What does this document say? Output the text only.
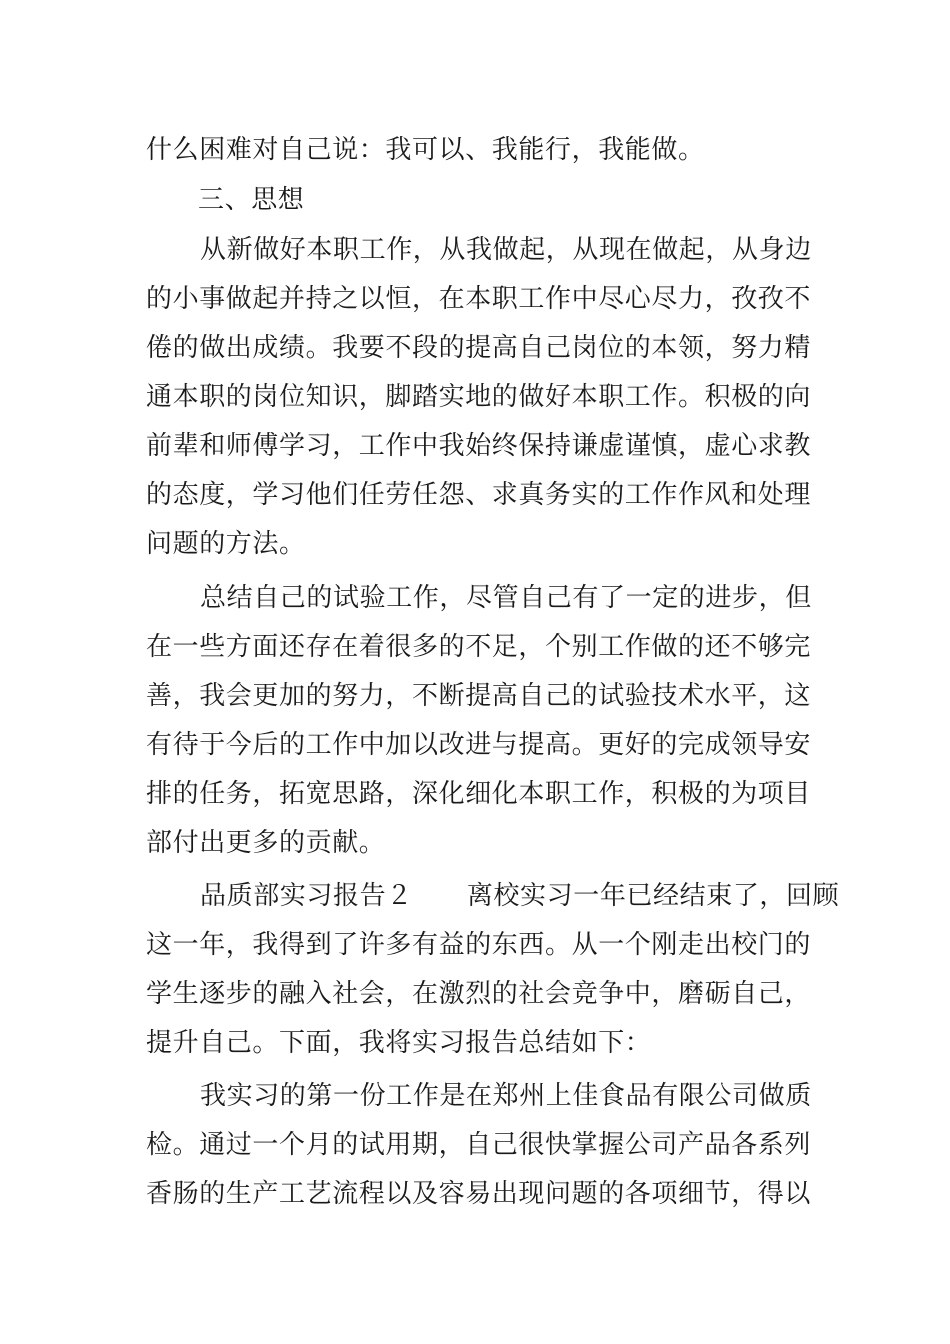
什么困难对自己说：我可以、我能行，我能做。
三、思想
从新做好本职工作，从我做起，从现在做起，从身边
的小事做起并持之以恒，在本职工作中尽心尽力，孜孜不
倦的做出成绩。我要不段的提高自己岗位的本领，努力精
通本职的岗位知识，脚踏实地的做好本职工作。积极的向
前辈和师傅学习，工作中我始终保持谦虚谨慎，虚心求教
的态度，学习他们任劳任怨、求真务实的工作作风和处理
问题的方法。
总结自己的试验工作，尽管自己有了一定的进步，但
在一些方面还存在着很多的不足，个别工作做的还不够完
善，我会更加的努力，不断提高自己的试验技术水平，这
有待于今后的工作中加以改进与提高。更好的完成领导安
排的任务，拓宽思路，深化细化本职工作，积极的为项目
部付出更多的贡献。
品质部实习报告２ 离校实习一年已经结束了，回顾
这一年，我得到了许多有益的东西。从一个刚走出校门的
学生逐步的融入社会，在激烈的社会竞争中，磨砺自己，
提升自己。下面，我将实习报告总结如下：
我实习的第一份工作是在郑州上佳食品有限公司做质
检。通过一个月的试用期，自己很快掌握公司产品各系列
香肠的生产工艺流程以及容易出现问题的各项细节，得以
